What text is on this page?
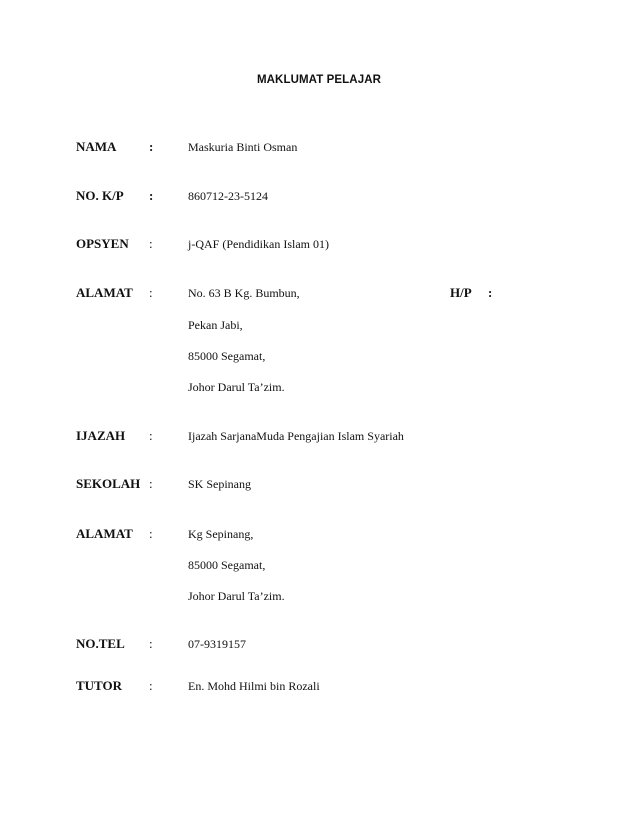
MAKLUMAT PELAJAR
NAMA	:	Maskuria Binti Osman
NO. K/P :	860712-23-5124
OPSYEN :	j-QAF (Pendidikan Islam 01)
ALAMAT :	No. 63 B Kg. Bumbun,	H/P :
Pekan Jabi,
85000 Segamat,
Johor Darul Ta’zim.
IJAZAH :	Ijazah SarjanaMuda Pengajian Islam Syariah
SEKOLAH :	SK Sepinang
ALAMAT :	Kg Sepinang,
85000 Segamat,
Johor Darul Ta’zim.
NO.TEL :	07-9319157
TUTOR :	En. Mohd Hilmi bin Rozali
